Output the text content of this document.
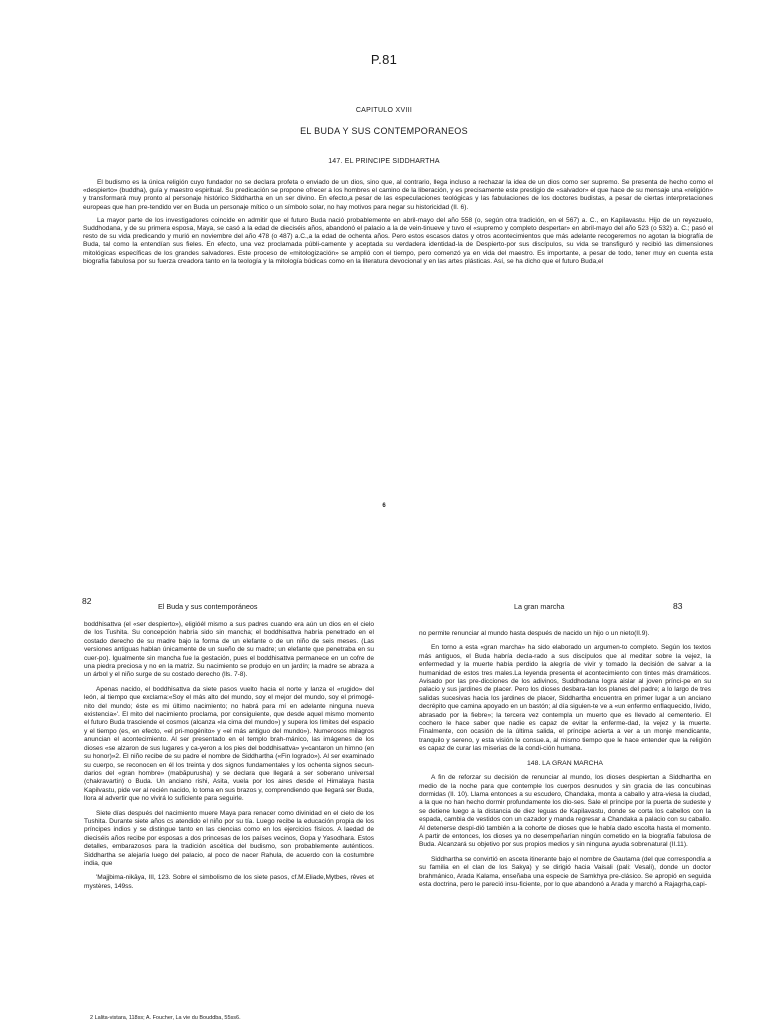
P.81
CAPITULO XVIII
EL BUDA Y SUS CONTEMPORANEOS
147. EL PRINCIPE SIDDHARTHA

El budismo es la única religión cuyo fundador no se declara profeta o enviado de un dios, sino que, al contrario, llega incluso a rechazar la idea de un dios como ser supremo. Se presenta de hecho como el «despierto» (buddha), guía y maestro espiritual. Su predicación se propone ofrecer a los hombres el camino de la liberación, y es precisamente este prestigio de «salvador» el que hace de su mensaje una «religión» y transformará muy pronto al personaje histórico Siddhartha en un ser divino. En efecto,a pesar de las especulaciones teológicas y las fabulaciones de los doctores budistas, a pesar de ciertas interpretaciones europeas que han pre-tendido ver en Buda un personaje mítico o un símbolo solar, no hay motivos para negar su historicidad (II. 6).

La mayor parte de los investigadores coincide en admitir que el futuro Buda nació probablemente en abril-mayo del año 558 (o, según otra tradición, en el 567) a. C., en Kapilavastu. Hijo de un reyezuelo, Suddhodana, y de su primera esposa, Maya, se casó a la edad de dieciséis años, abandonó el palacio a la de vein-tinueve y tuvo el «supremo y completo despertar» en abril-mayo del año 523 (o 532) a. C.; pasó el resto de su vida predicando y murió en noviembre del año 478 (o 487) a.C.,a la edad de ochenta años. Pero estos escasos datos y otros acontecimientos que más adelante recogeremos no agotan la biografía de Buda, tal como la entendían sus fieles. En efecto, una vez proclamada públi-camente y aceptada su verdadera identidad-la de Despierto-por sus discípulos, su vida se transfiguró y recibió las dimensiones mitológicas específicas de los grandes salvadores. Este proceso de «mitologización» se amplió con el tiempo, pero comenzó ya en vida del maestro. Es importante, a pesar de todo, tener muy en cuenta esta biografía fabulosa por su fuerza creadora tanto en la teología y la mitología búdicas como en la literatura devocional y en las artes plásticas. Así, se ha dicho que el futuro Buda,el

6
82
El Buda y sus contemporáneos	La gran marcha	83

boddhisattva (el «ser despierto»), eligióél mismo a sus padres cuando era aún un dios en el cielo de los Tushita. Su concepción habría sido sin mancha; el boddhisattva habría penetrado en el costado derecho de su madre bajo la forma de un elefante o de un niño de seis meses. (Las versiones antiguas hablan únicamente de un sueño de su madre; un elefante que penetraba en su cuer-po). Igualmente sin mancha fue la gestación, pues el boddhisattva permanece en un cofre de una piedra preciosa y no en la matriz. Su nacimiento se produjo en un jardín; la madre se abraza a un árbol y el niño surge de su costado derecho (lls. 7-8).

Apenas nacido, el boddhisattva da siete pasos vuelto hacia el norte y lanza el «rugido» del león, al tiempo que exclama:«Soy el más alto del mundo, soy el mejor del mundo, soy el primogé-nito del mundo; éste es mi último nacimiento; no habrá para mí en adelante ninguna nueva existencia»'. El mito del nacimiento proclama, por consiguiente, que desde aquel mismo momento el futuro Buda trasciende el cosmos (alcanza «la cima del mundo») y supera los límites del espacio y el tiempo (es, en efecto, «el pri-mogénito» y «el más antiguo del mundo»). Numerosos milagros anuncian el acontecimiento. Al ser presentado en el templo brah-mánico, las imágenes de los dioses «se alzaron de sus lugares y ca-yeron a los pies del boddhisattva» y«cantaron un himno (en su honor)»2. El niño recibe de su padre el nombre de Siddhartha («Fin logrado»). Al ser examinado su cuerpo, se reconocen en él los treinta y dos signos fundamentales y los ochenta signos secun-darios del «gran hombre» (mabāpurusha) y se declara que llegará a ser soberano universal (chakravartin) o Buda. Un anciano rishi, Asita, vuela por los aires desde el Himalaya hasta Kapilvastu, pide ver al recién nacido, lo toma en sus brazos y, comprendiendo que llegará ser Buda, llora al advertir que no vivirá lo suficiente para seguirle.

Siete días después del nacimiento muere Maya para renacer como divinidad en el cielo de los Tushita. Durante siete años cs atendido el niño por su tía. Luego recibe la educación propia de los príncipes indios y se distingue tanto en las ciencias como en los ejercicios físicos. A laedad de dieciséis años recibe por esposas a dos princesas de los países vecinos, Gopa y Yasodhara. Estos detalles, embarazosos para la tradición ascética del budismo, son probablemente auténticos. Siddhartha se alejaría luego del palacio, al poco de nacer Rahula, de acuerdo con la costumbre india, que

'Majjbima-nikāya, III, 123. Sobre el simbolismo de los siete pasos, cf.M.Eliade,Mytbes, rêves et mystères, 149ss.

2 Lalita-vistara, 118ss; A. Foucher, La vie du Bouddba, 55ss6.

no permite renunciar al mundo hasta después de nacido un hijo o un nieto(II.9).

En torno a esta «gran marcha» ha sido elaborado un argumen-to completo. Según los textos más antiguos, el Buda habría decla-rado a sus discípulos que al meditar sobre la vejez, la enfermedad y la muerte había perdido la alegría de vivir y tomado la decisión de salvar a la humanidad de estos tres males.La leyenda presenta el acontecimiento con tintes más dramáticos. Avisado por las pre-dicciones de los adivinos, Suddhodana logra aislar al joven prínci-pe en su palacio y sus jardines de placer. Pero los dioses desbara-tan los planes del padre; a lo largo de tres salidas sucesivas hacia los jardines de placer, Siddhartha encuentra en primer lugar a un anciano decrépito que camina apoyado en un bastón; al día siguien-te ve a «un enfermo enflaquecido, lívido, abrasado por la fiebre»; la tercera vez contempla un muerto que es llevado al cementerio. El cochero le hace saber que nadie es capaz de evitar la enferme-dad, la vejez y la muerte. Finalmente, con ocasión de la última salida, el príncipe acierta a ver a un monje mendicante, tranquilo y sereno, y esta visión le consue.a, al mismo tiempo que le hace entender que la religión es capaz de curar las miserias de la condi-ción humana.

148. LA GRAN MARCHA

A fin de reforzar su decisión de renunciar al mundo, los dioses despiertan a Siddhartha en medio de la noche para que contemple los cuerpos desnudos y sin gracia de las concubinas dormidas (II. 10). Llama entonces a su escudero, Chandaka, monta a caballo y atra-viesa la ciudad, a la que no han hecho dormir profundamente los dio-ses. Sale el príncipe por la puerta de sudeste y se detiene luego a la distancia de diez leguas de Kapilavastu, donde se corta los cabellos con la espada, cambia de vestidos con un cazador y manda regresar a Chandaka a palacio con su caballo. Al detenerse despi-dió también a la cohorte de dioses que le había dado escolta hasta el momento. A partir de entonces, los dioses ya no desempeñarían ningún cometido en la biografía fabulosa de Buda. Alcanzará su objetivo por sus propios medios y sin ninguna ayuda sobrenatural (II.11).

Siddhartha se convirtió en asceta itinerante bajo el nombre de Gautama (del que correspondía a su familia en el clan de los Sakya) y se dirigió hacia Vaisali (pali: Vesali), donde un doctor brahmánico, Arada Kalama, enseñaba una especie de Samkhya pre-clásico. Se apropió en seguida esta doctrina, pero le pareció insu-ficiente, por lo que abandonó a Arada y marchó a Rajagrha,capi-
